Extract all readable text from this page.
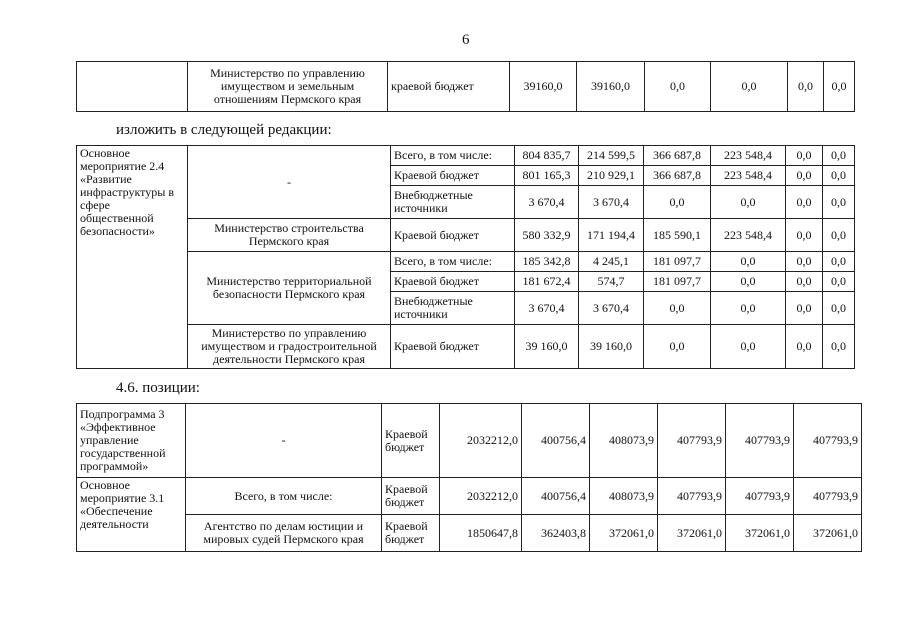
6
	Министерство по управлению имуществом и земельным отношениям Пермского края	краевой бюджет	39160,0	39160,0	0,0	0,0	0,0	0,0
изложить в следующей редакции:
Основное мероприятие 2.4 «Развитие инфраструктуры в сфере общественной безопасности»	-	Всего, в том числе:	804 835,7	214 599,5	366 687,8	223 548,4	0,0	0,0
		Краевой бюджет	801 165,3	210 929,1	366 687,8	223 548,4	0,0	0,0
		Внебюджетные источники	3 670,4	3 670,4	0,0	0,0	0,0	0,0
	Министерство строительства Пермского края	Краевой бюджет	580 332,9	171 194,4	185 590,1	223 548,4	0,0	0,0
	Министерство территориальной безопасности Пермского края	Всего, в том числе:	185 342,8	4 245,1	181 097,7	0,0	0,0	0,0
		Краевой бюджет	181 672,4	574,7	181 097,7	0,0	0,0	0,0
		Внебюджетные источники	3 670,4	3 670,4	0,0	0,0	0,0	0,0
	Министерство по управлению имуществом и градостроительной деятельности Пермского края	Краевой бюджет	39 160,0	39 160,0	0,0	0,0	0,0	0,0
4.6. позиции:
Подпрограмма 3 «Эффективное управление государственной программой»	-	Краевой бюджет	2032212,0	400756,4	408073,9	407793,9	407793,9	407793,9
Основное мероприятие 3.1 «Обеспечение деятельности	Всего, в том числе:	Краевой бюджет	2032212,0	400756,4	408073,9	407793,9	407793,9	407793,9
	Агентство по делам юстиции и мировых судей Пермского края	Краевой бюджет	1850647,8	362403,8	372061,0	372061,0	372061,0	372061,0
